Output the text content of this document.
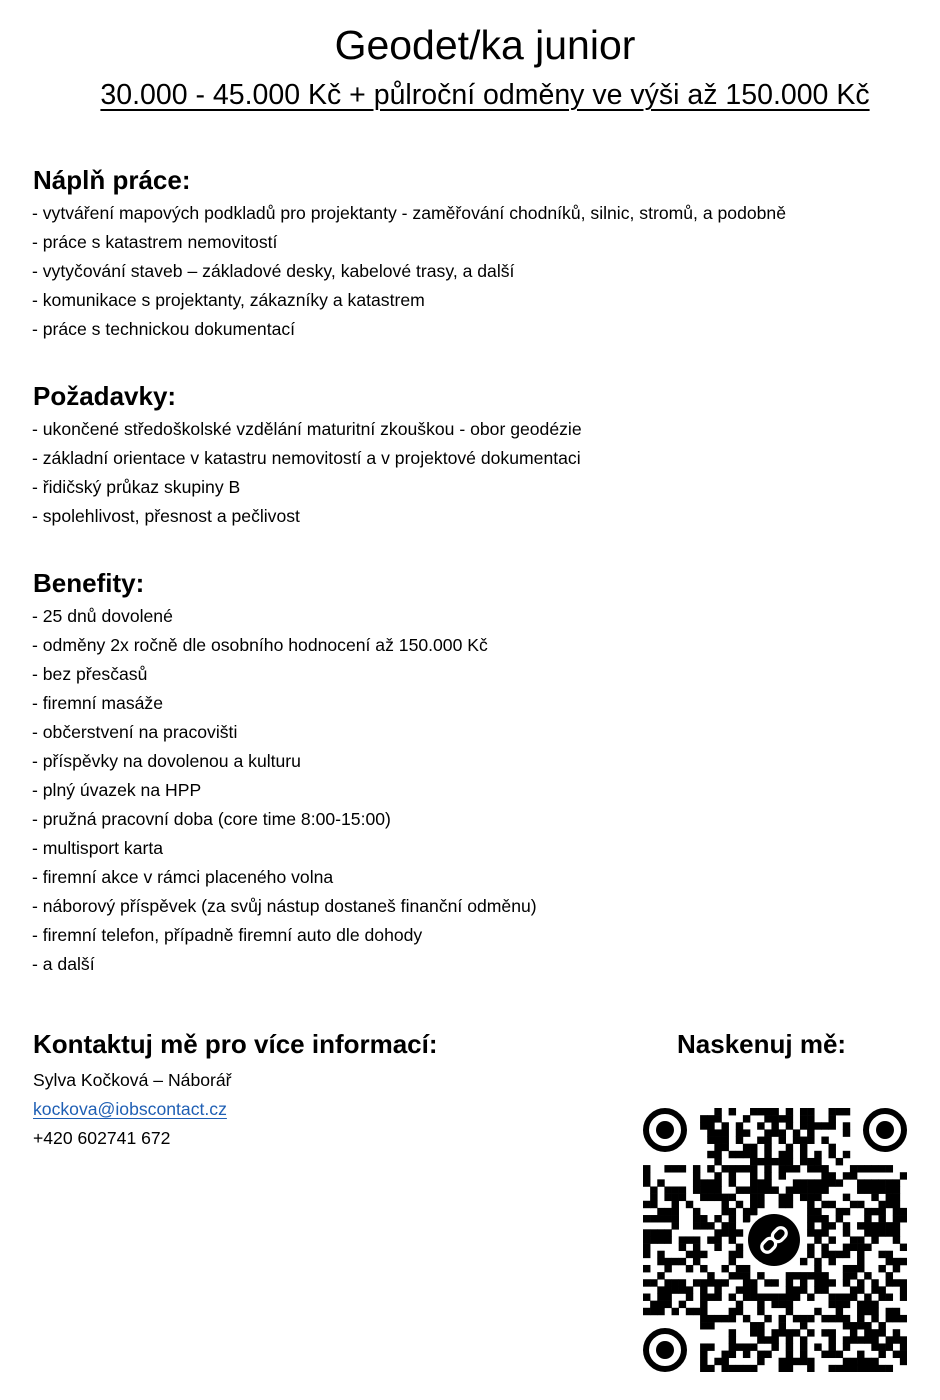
Geodet/ka junior

30.000 - 45.000 Kč + půlroční odměny ve výši až 150.000 Kč

Náplň práce:
- vytváření mapových podkladů pro projektanty - zaměřování chodníků, silnic, stromů, a podobně
- práce s katastrem nemovitostí
- vytyčování staveb – základové desky, kabelové trasy, a další
- komunikace s projektanty, zákazníky a katastrem
- práce s technickou dokumentací
Požadavky:
- ukončené středoškolské vzdělání maturitní zkouškou - obor geodézie
- základní orientace v katastru nemovitostí a v projektové dokumentaci
- řidičský průkaz skupiny B
- spolehlivost, přesnost a pečlivost
Benefity:
- 25 dnů dovolené
- odměny 2x ročně dle osobního hodnocení až 150.000 Kč
- bez přesčasů
- firemní masáže
- občerstvení na pracovišti
- příspěvky na dovolenou a kulturu
- plný úvazek na HPP
- pružná pracovní doba (core time 8:00-15:00)
- multisport karta
- firemní akce v rámci placeného volna
- náborový příspěvek (za svůj nástup dostaneš finanční odměnu)
- firemní telefon, případně firemní auto dle dohody
- a další
Kontaktuj mě pro více informací:
Sylva Kočková – Náborář
kockova@iobscontact.cz
+420 602741 672
Naskenuj mě:
